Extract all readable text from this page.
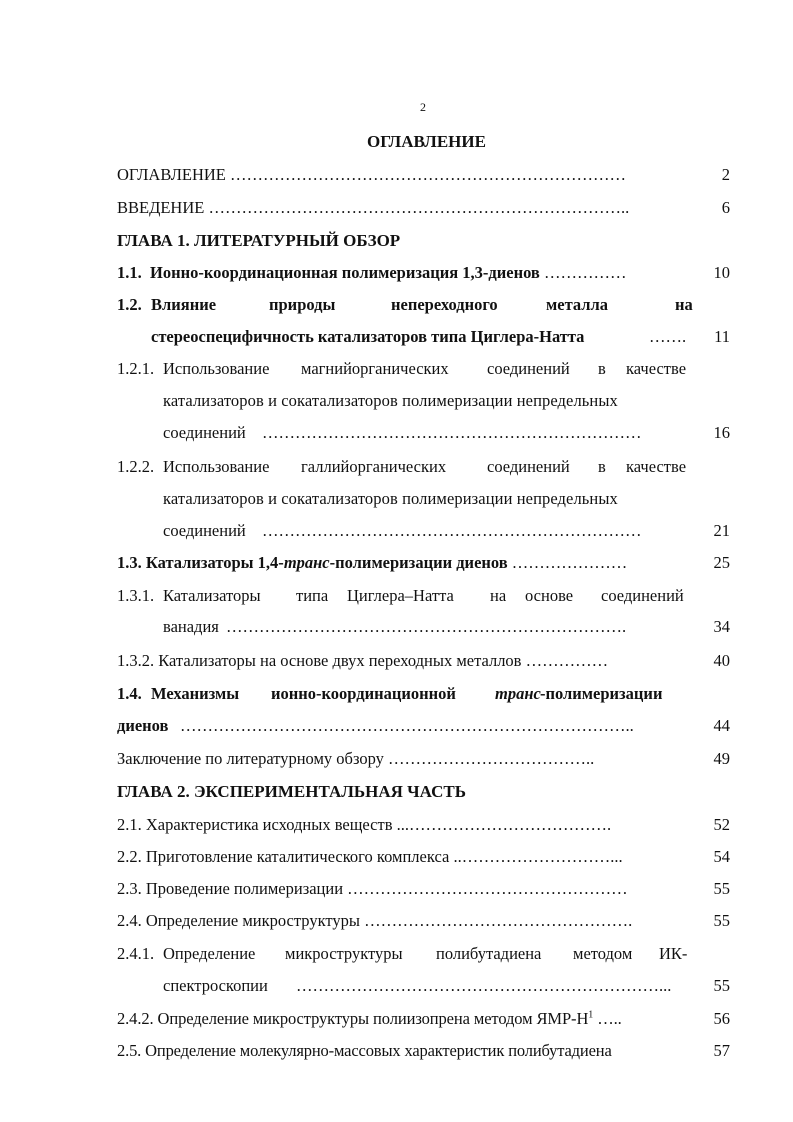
2
ОГЛАВЛЕНИЕ
ОГЛАВЛЕНИЕ ………………………………………………………………	2
ВВЕДЕНИЕ …………………………………………………………………..	6
ГЛАВА 1. ЛИТЕРАТУРНЫЙ ОБЗОР
1.1. Ионно-координационная полимеризация 1,3-диенов ……………	10
1.2. Влияние	природы	непереходного	металла	на
стереоспецифичность катализаторов типа Циглера-Натта	…….	11
1.2.1. Использование магнийорганических соединений в качестве
катализаторов и сокатализаторов полимеризации непредельных
соединений ……………………………………………………………	16
1.2.2. Использование галлийорганических соединений в качестве
катализаторов и сокатализаторов полимеризации непредельных
соединений ……………………………………………………………	21
1.3. Катализаторы 1,4-транс-полимеризации диенов …………………	25
1.3.1. Катализаторы типа Циглера–Натта на основе соединений
ванадия ……………………………………………………………….	34
1.3.2. Катализаторы на основе двух переходных металлов ……………	40
1.4. Механизмы ионно-координационной транс -полимеризации
диенов ………………………………………………………………………..	44
Заключение по литературному обзору ………………………………..	49
ГЛАВА 2. ЭКСПЕРИМЕНТАЛЬНАЯ ЧАСТЬ
2.1. Характеристика исходных веществ ...……………………………….	52
2.2. Приготовление каталитического комплекса ..………………………...	54
2.3. Проведение полимеризации ……………………………………………	55
2.4. Определение микроструктуры ………………………………………….	55
2.4.1. Определение микроструктуры полибутадиена методом ИК-
спектроскопии …………………………………………………………...	55
2.4.2. Определение микроструктуры полиизопрена методом ЯМР-$Н^1$ …..	56
2.5. Определение молекулярно-массовых характеристик полибутадиена	57
